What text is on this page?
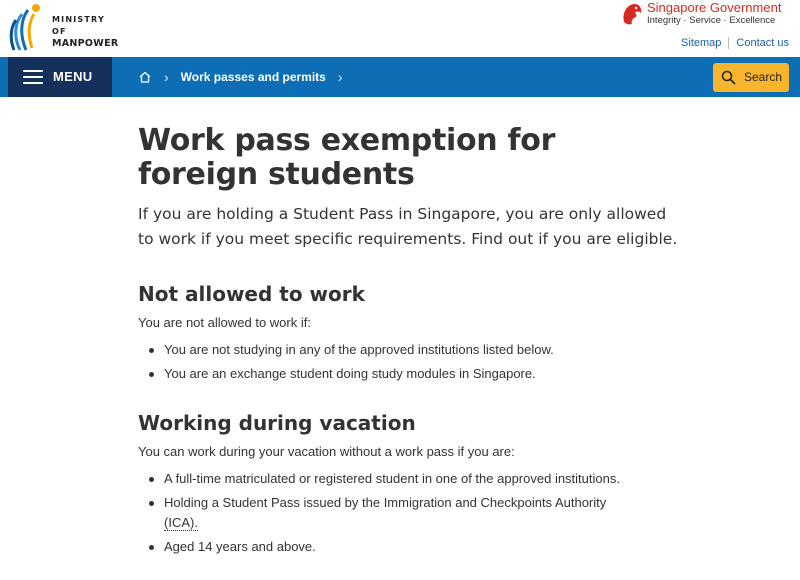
MINISTRY OF
MANPOWER
Singapore Government
Integrity · Service · Excellence
Sitemap Contact us
MENU	› Work passes and permits ›	Search
Work pass exemption for foreign students

If you are holding a Student Pass in Singapore, you are only allowed to work if you meet specific requirements. Find out if you are eligible.

Not allowed to work

You are not allowed to work if:

You are not studying in any of the approved institutions listed below.
You are an exchange student doing study modules in Singapore.
Working during vacation

You can work during your vacation without a work pass if you are:

A full-time matriculated or registered student in one of the approved institutions.
Holding a Student Pass issued by the Immigration and Checkpoints Authority
(ICA).
Aged 14 years and above.
